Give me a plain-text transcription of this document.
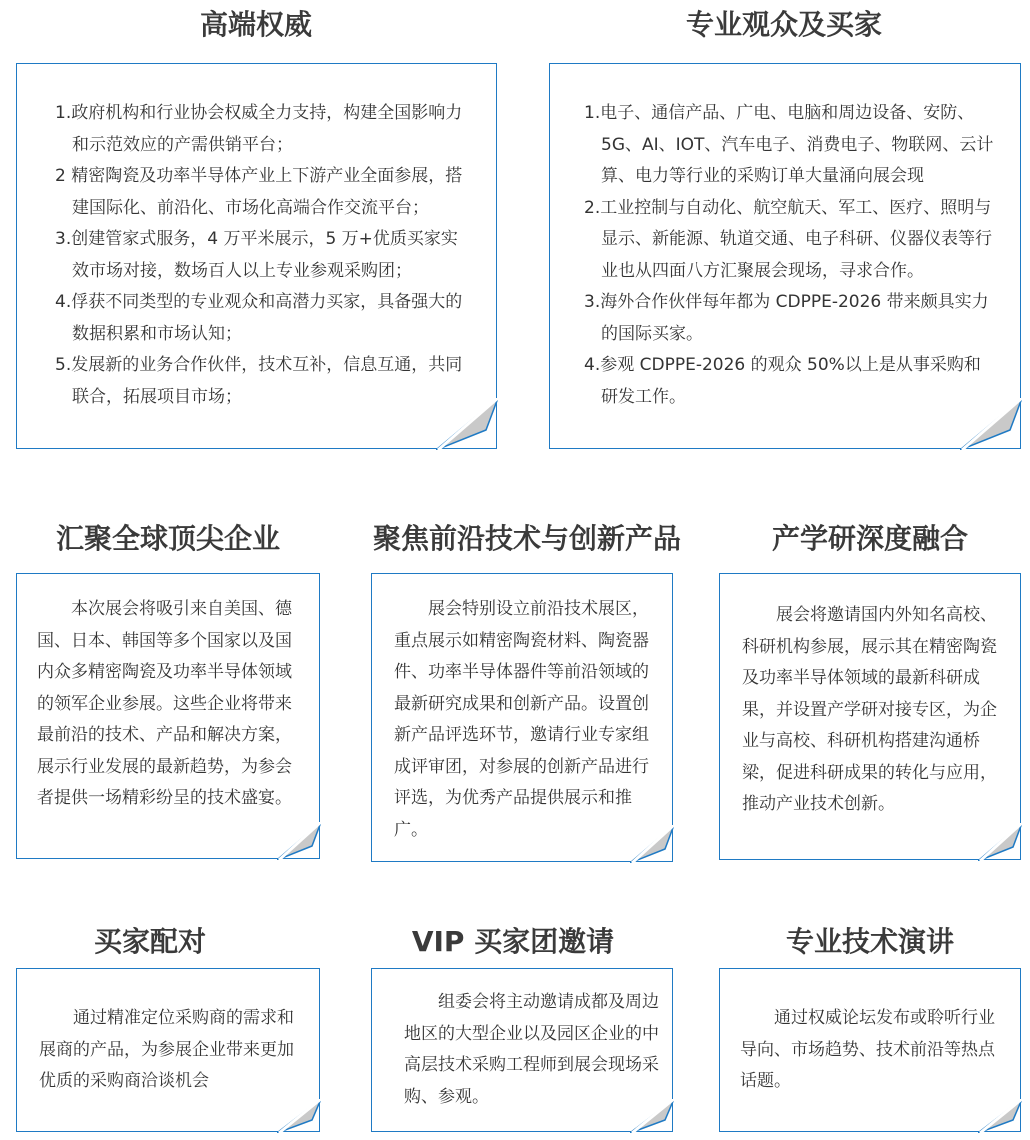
高端权威

1.政府机构和行业协会权威全力支持，构建全国影响力和示范效应的产需供销平台；

2 精密陶瓷及功率半导体产业上下游产业全面参展，搭建国际化、前沿化、市场化高端合作交流平台；

3.创建管家式服务，4 万平米展示，5 万+优质买家实效市场对接，数场百人以上专业参观采购团；

4.俘获不同类型的专业观众和高潜力买家，具备强大的数据积累和市场认知；

5.发展新的业务合作伙伴，技术互补，信息互通，共同联合，拓展项目市场；

专业观众及买家

1.电子、通信产品、广电、电脑和周边设备、安防、5G、AI、IOT、汽车电子、消费电子、物联网、云计算、电力等行业的采购订单大量涌向展会现

2.工业控制与自动化、航空航天、军工、医疗、照明与显示、新能源、轨道交通、电子科研、仪器仪表等行业也从四面八方汇聚展会现场，寻求合作。

3.海外合作伙伴每年都为 CDPPE-2026 带来颇具实力的国际买家。

4.参观 CDPPE-2026 的观众 50%以上是从事采购和研发工作。

汇聚全球顶尖企业

本次展会将吸引来自美国、德国、日本、韩国等多个国家以及国内众多精密陶瓷及功率半导体领域的领军企业参展。这些企业将带来最前沿的技术、产品和解决方案，展示行业发展的最新趋势，为参会者提供一场精彩纷呈的技术盛宴。

聚焦前沿技术与创新产品

展会特别设立前沿技术展区，重点展示如精密陶瓷材料、陶瓷器件、功率半导体器件等前沿领域的最新研究成果和创新产品。设置创新产品评选环节，邀请行业专家组成评审团，对参展的创新产品进行评选，为优秀产品提供展示和推广。

产学研深度融合

展会将邀请国内外知名高校、科研机构参展，展示其在精密陶瓷及功率半导体领域的最新科研成果，并设置产学研对接专区，为企业与高校、科研机构搭建沟通桥梁，促进科研成果的转化与应用，推动产业技术创新。

买家配对

通过精准定位采购商的需求和展商的产品，为参展企业带来更加优质的采购商洽谈机会

VIP 买家团邀请

组委会将主动邀请成都及周边地区的大型企业以及园区企业的中高层技术采购工程师到展会现场采购、参观。

专业技术演讲

通过权威论坛发布或聆听行业导向、市场趋势、技术前沿等热点话题。
